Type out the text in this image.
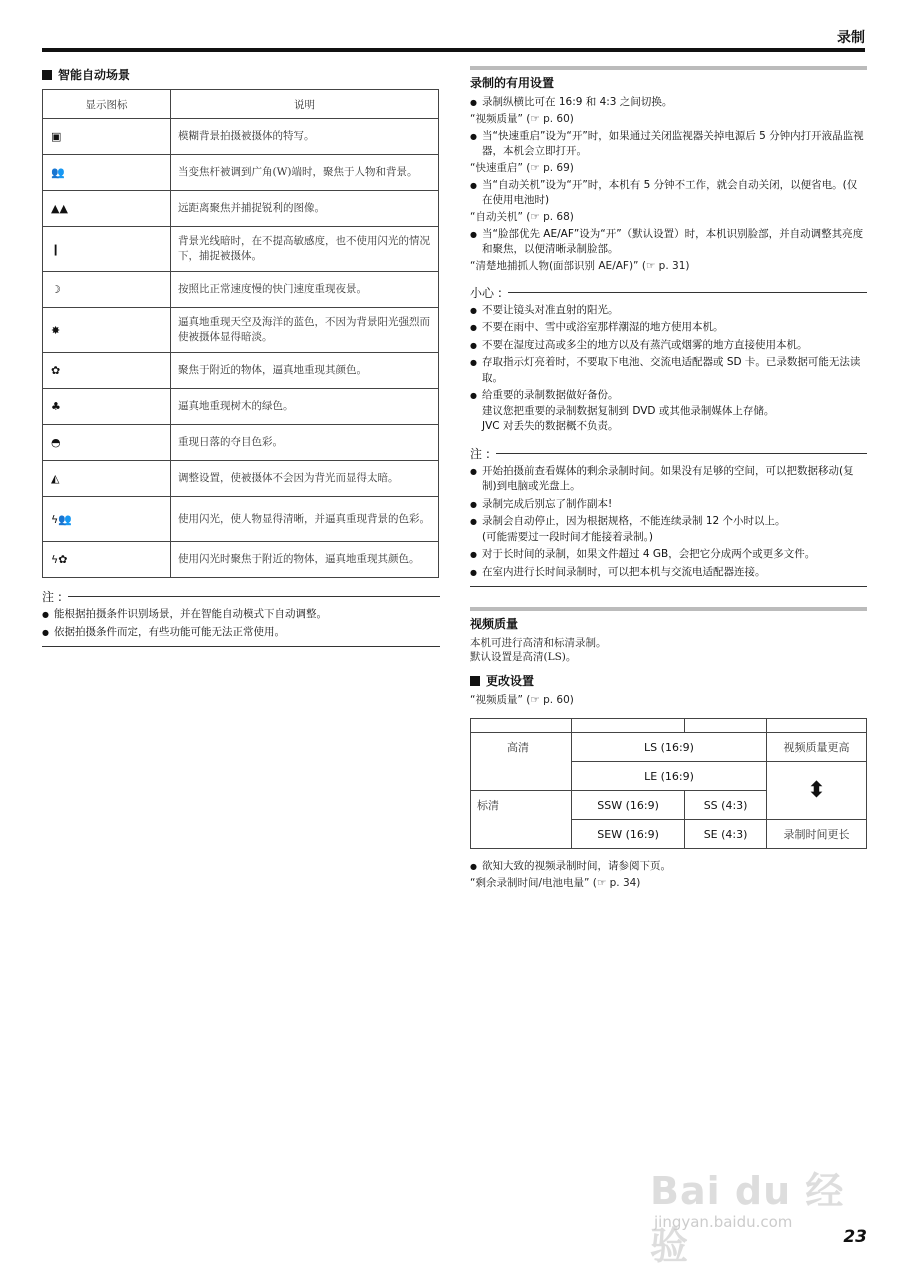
录制
智能自动场景
显示图标	说明
▣	模糊背景拍摄被摄体的特写。
👥	当变焦杆被调到广角(W)端时，聚焦于人物和背景。
▲▲	远距离聚焦并捕捉锐利的图像。
❙	背景光线暗时，在不提高敏感度，也不使用闪光的情况下，捕捉被摄体。
☽	按照比正常速度慢的快门速度重现夜景。
✸	逼真地重现天空及海洋的蓝色，不因为背景阳光强烈而使被摄体显得暗淡。
✿	聚焦于附近的物体，逼真地重现其颜色。
♣	逼真地重现树木的绿色。
◓	重现日落的夺目色彩。
◭	调整设置，使被摄体不会因为背光而显得太暗。
ϟ👥	使用闪光，使人物显得清晰，并逼真重现背景的色彩。
ϟ✿	使用闪光时聚焦于附近的物体，逼真地重现其颜色。
注 :
● 能根据拍摄条件识别场景，并在智能自动模式下自动调整。
● 依据拍摄条件而定，有些功能可能无法正常使用。
录制的有用设置
● 录制纵横比可在 16:9 和 4:3 之间切换。
“视频质量” (☞ p. 60)
● 当“快速重启”设为“开”时，如果通过关闭监视器关掉电源后 5 分钟内打开液晶监视器，本机会立即打开。
“快速重启” (☞ p. 69)
● 当“自动关机”设为“开”时，本机有 5 分钟不工作，就会自动关闭，以便省电。(仅在使用电池时)
“自动关机” (☞ p. 68)
● 当“脸部优先 AE/AF”设为“开”（默认设置）时，本机识别脸部，并自动调整其亮度和聚焦，以便清晰录制脸部。
“清楚地捕抓人物(面部识别 AE/AF)” (☞ p. 31)
小心 :
● 不要让镜头对准直射的阳光。
● 不要在雨中、雪中或浴室那样潮湿的地方使用本机。
● 不要在湿度过高或多尘的地方以及有蒸汽或烟雾的地方直接使用本机。
● 存取指示灯亮着时，不要取下电池、交流电适配器或 SD 卡。已录数据可能无法读取。
● 给重要的录制数据做好备份。
建议您把重要的录制数据复制到 DVD 或其他录制媒体上存储。
JVC 对丢失的数据概不负责。
注 :
● 开始拍摄前查看媒体的剩余录制时间。如果没有足够的空间，可以把数据移动(复制)到电脑或光盘上。
● 录制完成后别忘了制作副本!
● 录制会自动停止，因为根据规格，不能连续录制 12 个小时以上。
(可能需要过一段时间才能接着录制。)
● 对于长时间的录制，如果文件超过 4 GB，会把它分成两个或更多文件。
● 在室内进行长时间录制时，可以把本机与交流电适配器连接。
视频质量
本机可进行高清和标清录制。
默认设置是高清(LS)。
更改设置
“视频质量” (☞ p. 60)

高清	LS (16:9)		视频质量更高
	LE (16:9)		⬍
标清	SSW (16:9)	SS (4:3)	
	SEW (16:9)	SE (4:3)	录制时间更长
● 欲知大致的视频录制时间，请参阅下页。
“剩余录制时间/电池电量” (☞ p. 34)
Bai du 经验
jingyan.baidu.com
23
